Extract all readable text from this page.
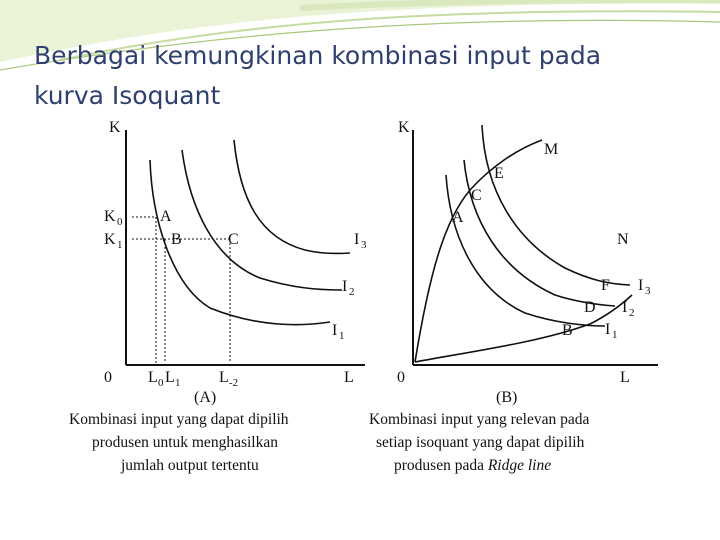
Berbagai kemungkinan kombinasi input pada
kurva Isoquant
K
L
0
K 0
K 1
A
B	C
L 0 L 1 L -2
I 1
I 2
I 3
(A)
Kombinasi input yang dapat dipilih
produsen untuk menghasilkan
jumlah output tertentu
K
L
0
M
E
C
A
N
F
D
B I 1
I 2
I 3
(B)
Kombinasi input yang relevan pada
setiap isoquant yang dapat dipilih
produsen pada Ridge line
